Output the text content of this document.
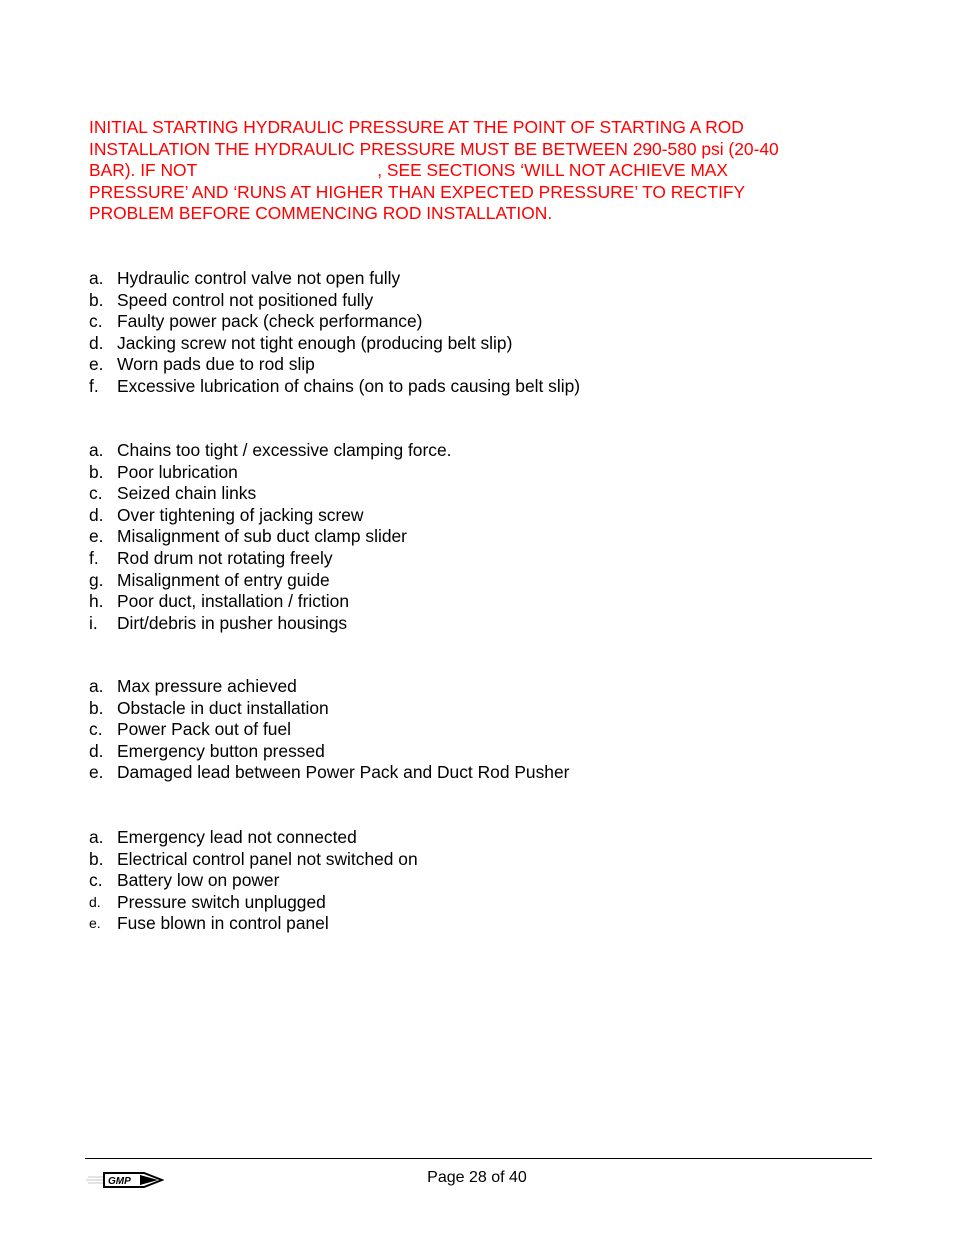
INITIAL STARTING HYDRAULIC PRESSURE AT THE POINT OF STARTING A ROD
INSTALLATION THE HYDRAULIC PRESSURE MUST BE BETWEEN 290-580 psi (20-40
BAR). IF NOT	, SEE SECTIONS ‘WILL NOT ACHIEVE MAX
PRESSURE’ AND ‘RUNS AT HIGHER THAN EXPECTED PRESSURE’ TO RECTIFY
PROBLEM BEFORE COMMENCING ROD INSTALLATION.
a. Hydraulic control valve not open fully
b. Speed control not positioned fully
c. Faulty power pack (check performance)
d. Jacking screw not tight enough (producing belt slip)
e. Worn pads due to rod slip
f.	Excessive lubrication of chains (on to pads causing belt slip)
a. Chains too tight / excessive clamping force.
b. Poor lubrication
c. Seized chain links
d. Over tightening of jacking screw
e. Misalignment of sub duct clamp slider
f.	Rod drum not rotating freely
g. Misalignment of entry guide
h. Poor duct, installation / friction
i.	Dirt/debris in pusher housings
a. Max pressure achieved
b. Obstacle in duct installation
c. Power Pack out of fuel
d. Emergency button pressed
e. Damaged lead between Power Pack and Duct Rod Pusher
a. Emergency lead not connected
b. Electrical control panel not switched on
c. Battery low on power
d. Pressure switch unplugged
e. Fuse blown in control panel
GMP	Page 28 of 40
